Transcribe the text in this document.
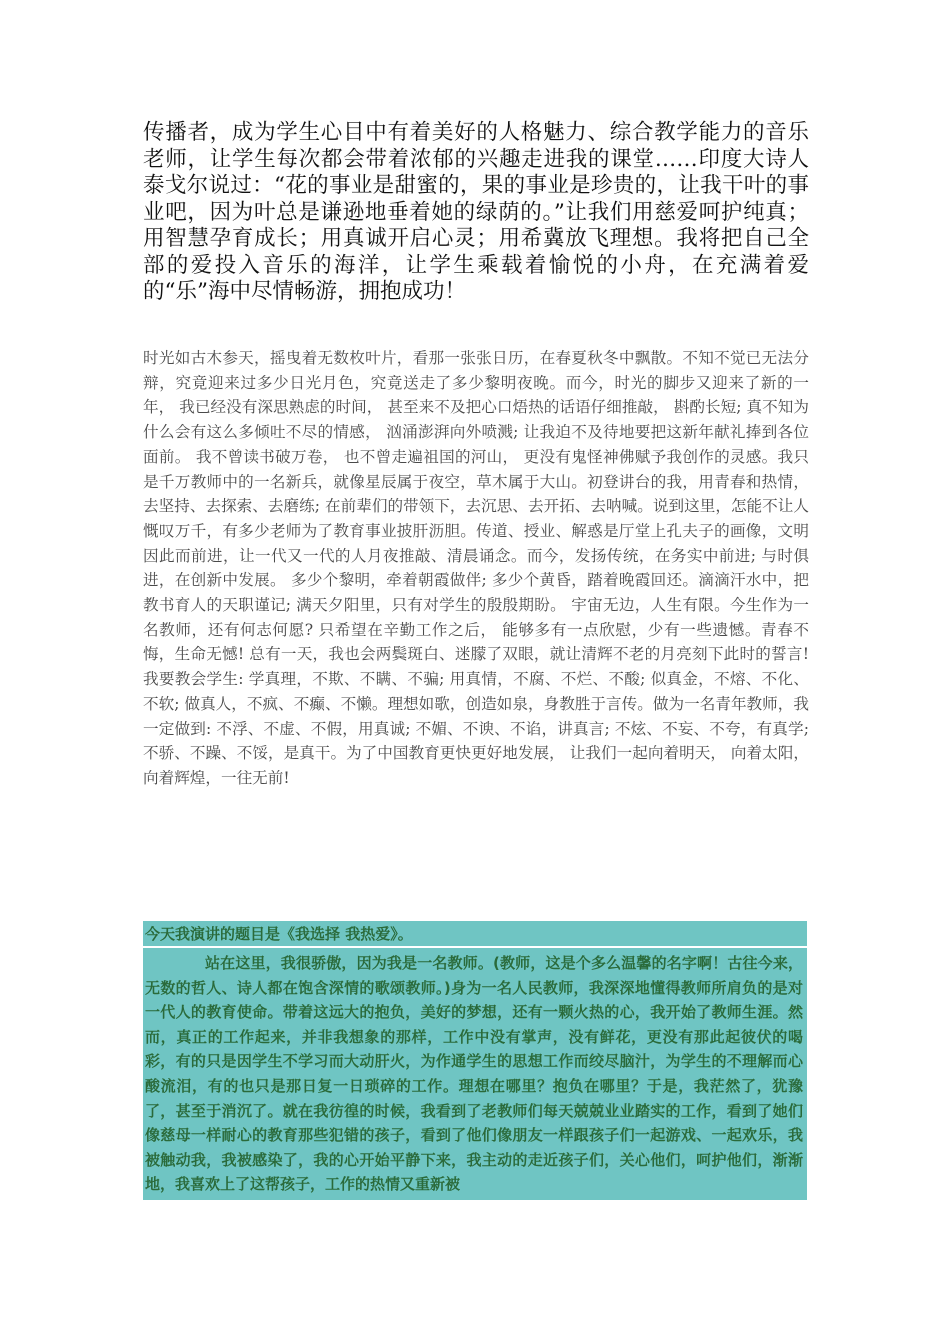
传播者，成为学生心目中有着美好的人格魅力、综合教学能力的音乐老师，让学生每次都会带着浓郁的兴趣走进我的课堂……印度大诗人泰戈尔说过：“花的事业是甜蜜的，果的事业是珍贵的，让我干叶的事业吧，因为叶总是谦逊地垂着她的绿荫的。”让我们用慈爱呵护纯真；用智慧孕育成长；用真诚开启心灵；用希冀放飞理想。我将把自己全部的爱投入音乐的海洋，让学生乘载着愉悦的小舟，在充满着爱的“乐”海中尽情畅游，拥抱成功！

时光如古木参天，摇曳着无数枚叶片，看那一张张日历，在春夏秋冬中飘散。不知不觉已无法分辩，究竟迎来过多少日光月色，究竟送走了多少黎明夜晚。而今，时光的脚步又迎来了新的一年， 我已经没有深思熟虑的时间， 甚至来不及把心口焐热的话语仔细推敲， 斟酌长短; 真不知为什么会有这么多倾吐不尽的情感， 汹涌澎湃向外喷溅; 让我迫不及待地要把这新年献礼捧到各位面前。 我不曾读书破万卷， 也不曾走遍祖国的河山， 更没有鬼怪神佛赋予我创作的灵感。我只是千万教师中的一名新兵，就像星辰属于夜空，草木属于大山。初登讲台的我，用青春和热情，去坚持、去探索、去磨练; 在前辈们的带领下，去沉思、去开拓、去呐喊。说到这里，怎能不让人慨叹万千，有多少老师为了教育事业披肝沥胆。传道、授业、解惑是厅堂上孔夫子的画像，文明因此而前进，让一代又一代的人月夜推敲、清晨诵念。而今，发扬传统，在务实中前进; 与时俱进，在创新中发展。 多少个黎明，牵着朝霞做伴; 多少个黄昏，踏着晚霞回还。滴滴汗水中，把教书育人的天职谨记; 满天夕阳里，只有对学生的殷殷期盼。 宇宙无边，人生有限。今生作为一名教师，还有何志何愿? 只希望在辛勤工作之后， 能够多有一点欣慰，少有一些遗憾。青春不悔，生命无憾! 总有一天，我也会两鬓斑白、迷朦了双眼，就让清辉不老的月亮刻下此时的誓言! 我要教会学生: 学真理，不欺、不瞒、不骗; 用真情，不腐、不烂、不酸; 似真金，不熔、不化、不软; 做真人，不疯、不癫、不懒。理想如歌，创造如泉，身教胜于言传。做为一名青年教师，我一定做到: 不浮、不虚、不假，用真诚; 不媚、不谀、不谄，讲真言; 不炫、不妄、不夸，有真学; 不骄、不躁、不馁，是真干。为了中国教育更快更好地发展， 让我们一起向着明天， 向着太阳，向着辉煌，一往无前!

今天我演讲的题目是《我选择 我热爱》。

站在这里，我很骄傲，因为我是一名教师。(教师，这是个多么温馨的名字啊！古往今来，无数的哲人、诗人都在饱含深情的歌颂教师。)身为一名人民教师，我深深地懂得教师所肩负的是对一代人的教育使命。带着这远大的抱负，美好的梦想，还有一颗火热的心，我开始了教师生涯。然而，真正的工作起来，并非我想象的那样，工作中没有掌声，没有鲜花，更没有那此起彼伏的喝彩，有的只是因学生不学习而大动肝火，为作通学生的思想工作而绞尽脑汁，为学生的不理解而心酸流泪，有的也只是那日复一日琐碎的工作。理想在哪里？抱负在哪里？于是，我茫然了，犹豫了，甚至于消沉了。就在我彷徨的时候，我看到了老教师们每天兢兢业业踏实的工作，看到了她们像慈母一样耐心的教育那些犯错的孩子，看到了他们像朋友一样跟孩子们一起游戏、一起欢乐，我被触动我，我被感染了，我的心开始平静下来，我主动的走近孩子们，关心他们，呵护他们，渐渐地，我喜欢上了这帮孩子，工作的热情又重新被
